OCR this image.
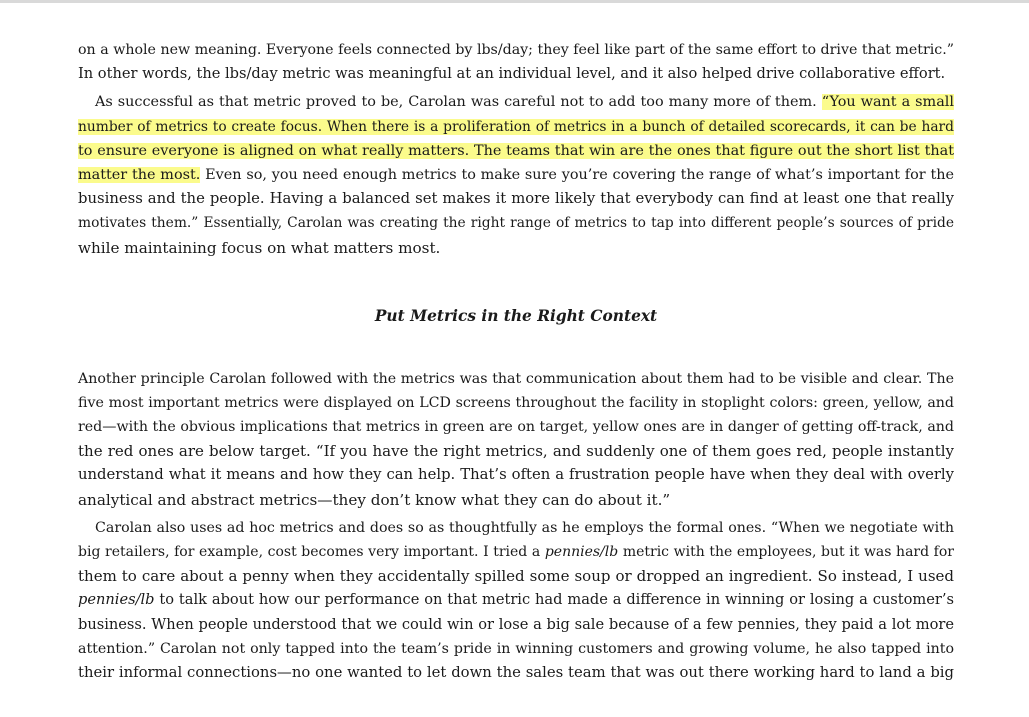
on a whole new meaning. Everyone feels connected by lbs/day; they feel like part of the same effort to drive that metric.”
In other words, the lbs/day metric was meaningful at an individual level, and it also helped drive collaborative effort.
As successful as that metric proved to be, Carolan was careful not to add too many more of them. “You want a small
number of metrics to create focus. When there is a proliferation of metrics in a bunch of detailed scorecards, it can be hard
to ensure everyone is aligned on what really matters. The teams that win are the ones that figure out the short list that
matter the most. Even so, you need enough metrics to make sure you’re covering the range of what’s important for the
business and the people. Having a balanced set makes it more likely that everybody can find at least one that really
motivates them.” Essentially, Carolan was creating the right range of metrics to tap into different people’s sources of pride
while maintaining focus on what matters most.
Put Metrics in the Right Context
Another principle Carolan followed with the metrics was that communication about them had to be visible and clear. The
five most important metrics were displayed on LCD screens throughout the facility in stoplight colors: green, yellow, and
red—with the obvious implications that metrics in green are on target, yellow ones are in danger of getting off-track, and
the red ones are below target. “If you have the right metrics, and suddenly one of them goes red, people instantly
understand what it means and how they can help. That’s often a frustration people have when they deal with overly
analytical and abstract metrics—they don’t know what they can do about it.”
Carolan also uses ad hoc metrics and does so as thoughtfully as he employs the formal ones. “When we negotiate with
big retailers, for example, cost becomes very important. I tried a pennies/lb metric with the employees, but it was hard for
them to care about a penny when they accidentally spilled some soup or dropped an ingredient. So instead, I used
pennies/lb to talk about how our performance on that metric had made a difference in winning or losing a customer’s
business. When people understood that we could win or lose a big sale because of a few pennies, they paid a lot more
attention.” Carolan not only tapped into the team’s pride in winning customers and growing volume, he also tapped into
their informal connections—no one wanted to let down the sales team that was out there working hard to land a big
